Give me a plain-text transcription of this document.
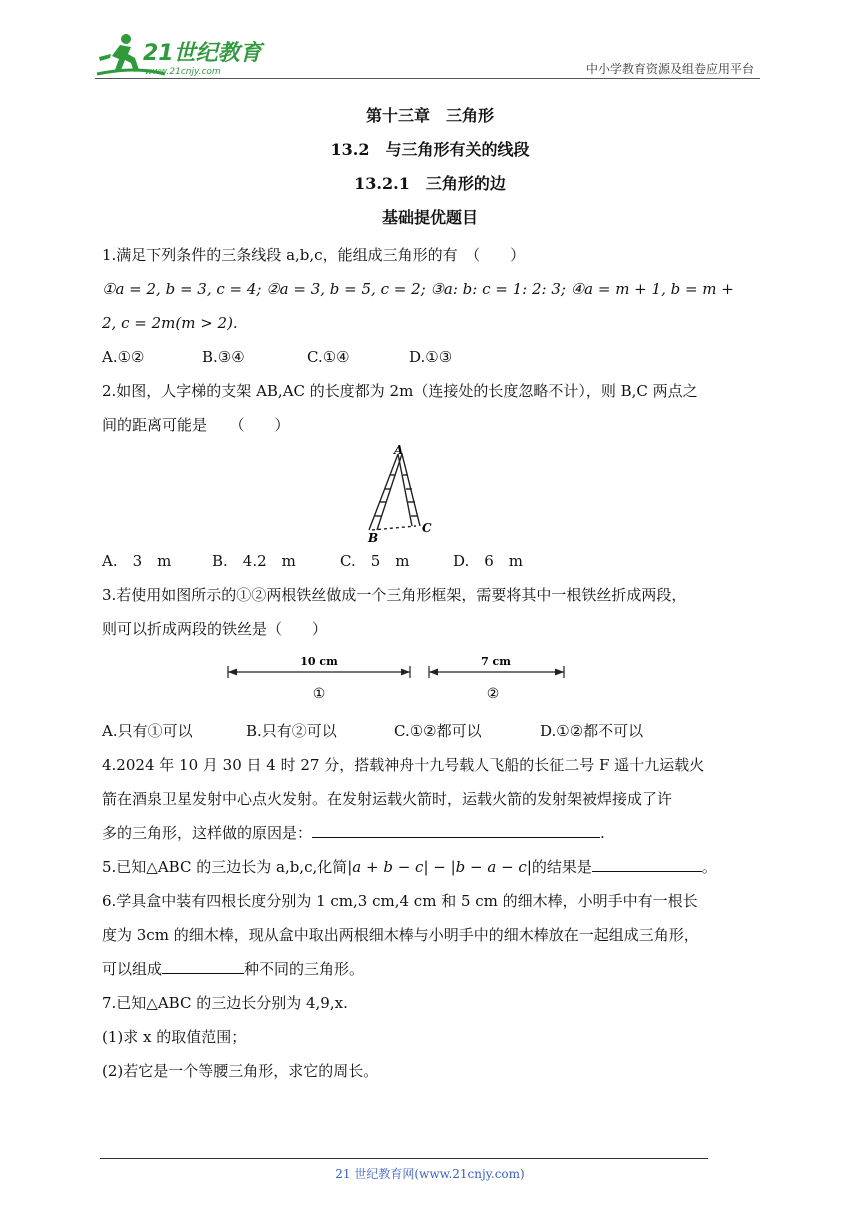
21世纪教育
www.21cnjy.com	中小学教育资源及组卷应用平台
第十三章　三角形
13.2　与三角形有关的线段
13.2.1　三角形的边
基础提优题目
1.满足下列条件的三条线段 a,b,c，能组成三角形的有　（　　）
①a = 2, b = 3, c = 4; ②a = 3, b = 5, c = 2; ③a: b: c = 1: 2: 3; ④a = m + 1, b = m +
2, c = 2m(m > 2).
A.①②	B.③④	C.①④	D.①③
2.如图，人字梯的支架 AB,AC 的长度都为 2m（连接处的长度忽略不计），则 B,C 两点之
间的距离可能是　　（　　）
A
B
C
A.　3　m	B.　4.2　m	C.　5　m	D.　6　m
3.若使用如图所示的①②两根铁丝做成一个三角形框架，需要将其中一根铁丝折成两段，
则可以折成两段的铁丝是（　　）
10 cm	7 cm
①	②
A.只有①可以	B.只有②可以	C.①②都可以	D.①②都不可以
4.2024 年 10 月 30 日 4 时 27 分，搭载神舟十九号载人飞船的长征二号 F 遥十九运载火
箭在酒泉卫星发射中心点火发射。在发射运载火箭时，运载火箭的发射架被焊接成了许
多的三角形，这样做的原因是：	.
5.已知△ABC 的三边长为 a,b,c,化简|a + b − c| − |b − a − c|的结果是	。
6.学具盒中装有四根长度分别为 1 cm,3 cm,4 cm 和 5 cm 的细木棒，小明手中有一根长
度为 3cm 的细木棒，现从盒中取出两根细木棒与小明手中的细木棒放在一起组成三角形，
可以组成	种不同的三角形。
7.已知△ABC 的三边长分别为 4,9,x.
(1)求 x 的取值范围；
(2)若它是一个等腰三角形，求它的周长。
21 世纪教育网(www.21cnjy.com)
